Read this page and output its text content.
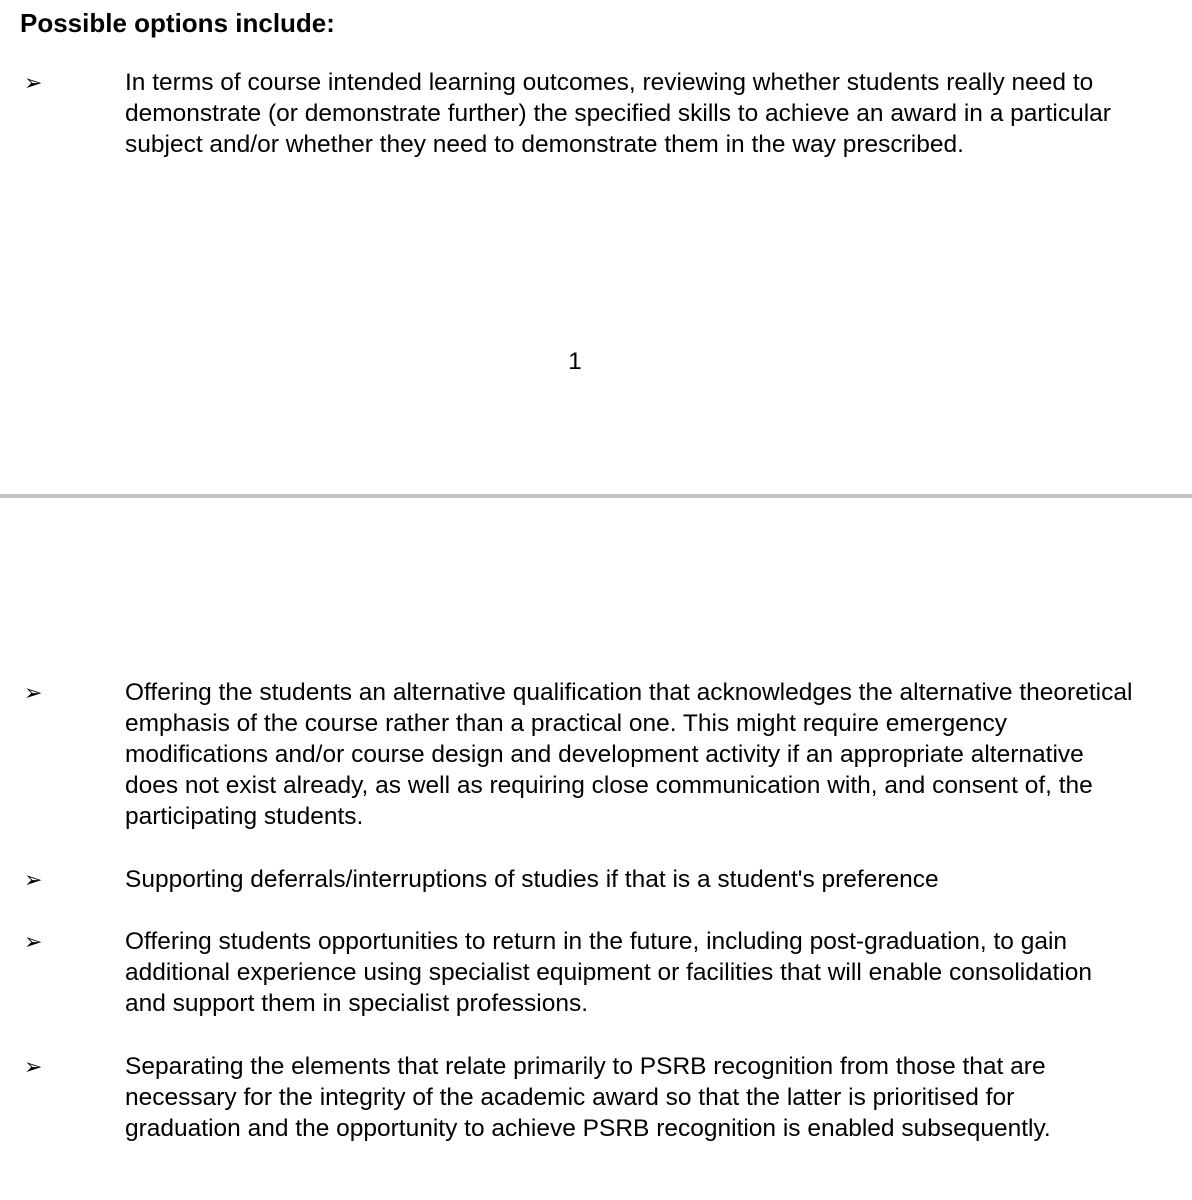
Possible options include:
➢	In terms of course intended learning outcomes, reviewing whether students really need to demonstrate (or demonstrate further) the specified skills to achieve an award in a particular subject and/or whether they need to demonstrate them in the way prescribed.

1
➢	Offering the students an alternative qualification that acknowledges the alternative theoretical emphasis of the course rather than a practical one. This might require emergency modifications and/or course design and development activity if an appropriate alternative does not exist already, as well as requiring close communication with, and consent of, the participating students.

➢	Supporting deferrals/interruptions of studies if that is a student's preference

➢	Offering students opportunities to return in the future, including post-graduation, to gain additional experience using specialist equipment or facilities that will enable consolidation and support them in specialist professions.

➢	Separating the elements that relate primarily to PSRB recognition from those that are necessary for the integrity of the academic award so that the latter is prioritised for graduation and the opportunity to achieve PSRB recognition is enabled subsequently.
